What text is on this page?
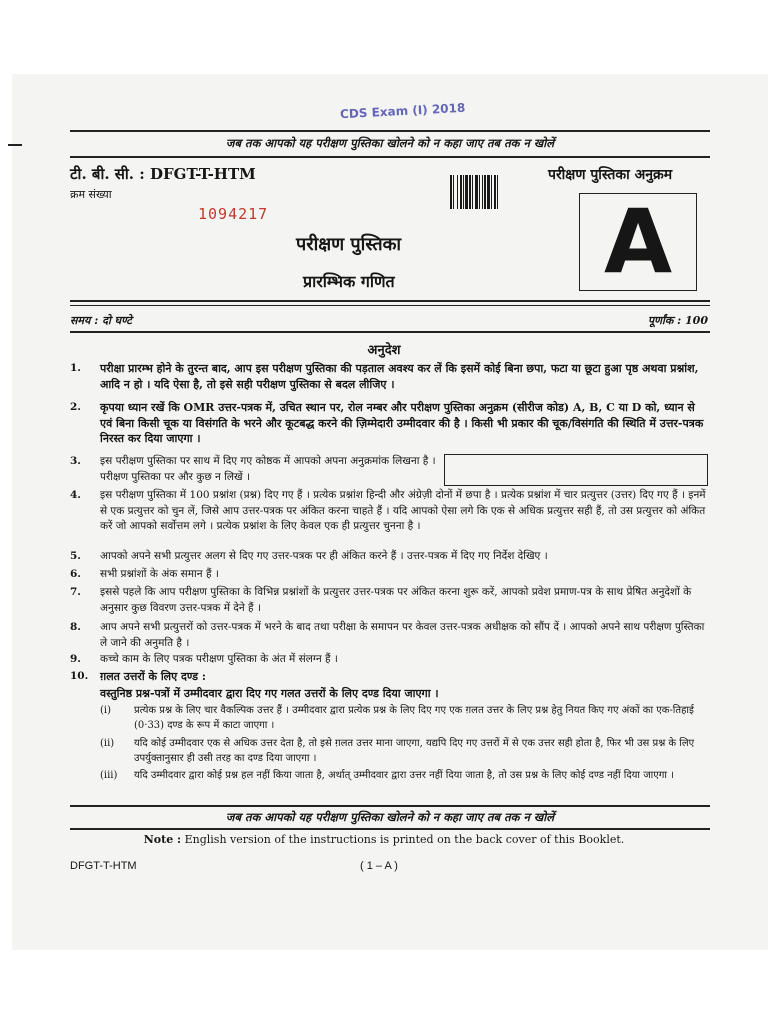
CDS Exam (I) 2018
जब तक आपको यह परीक्षण पुस्तिका खोलने को न कहा जाए तब तक न खोलें
टी. बी. सी. : DFGT-T-HTM
क्रम संख्या
1094217
परीक्षण पुस्तिका अनुक्रम
A
परीक्षण पुस्तिका
प्रारम्भिक गणित
समय : दो घण्टे	पूर्णांक : 100
अनुदेश
1.	परीक्षा प्रारम्भ होने के तुरन्त बाद, आप इस परीक्षण पुस्तिका की पड़ताल अवश्य कर लें कि इसमें कोई बिना छपा, फटा या छूटा हुआ पृष्ठ अथवा प्रश्नांश, आदि न हो । यदि ऐसा है, तो इसे सही परीक्षण पुस्तिका से बदल लीजिए ।
2.	कृपया ध्यान रखें कि OMR उत्तर-पत्रक में, उचित स्थान पर, रोल नम्बर और परीक्षण पुस्तिका अनुक्रम (सीरीज कोड) A, B, C या D को, ध्यान से एवं बिना किसी चूक या विसंगति के भरने और कूटबद्ध करने की ज़िम्मेदारी उम्मीदवार की है । किसी भी प्रकार की चूक/विसंगति की स्थिति में उत्तर-पत्रक निरस्त कर दिया जाएगा ।
3.	इस परीक्षण पुस्तिका पर साथ में दिए गए कोष्ठक में आपको अपना अनुक्रमांक लिखना है । परीक्षण पुस्तिका पर और कुछ न लिखें ।
4.	इस परीक्षण पुस्तिका में 100 प्रश्नांश (प्रश्न) दिए गए हैं । प्रत्येक प्रश्नांश हिन्दी और अंग्रेज़ी दोनों में छपा है । प्रत्येक प्रश्नांश में चार प्रत्युत्तर (उत्तर) दिए गए हैं । इनमें से एक प्रत्युत्तर को चुन लें, जिसे आप उत्तर-पत्रक पर अंकित करना चाहते हैं । यदि आपको ऐसा लगे कि एक से अधिक प्रत्युत्तर सही हैं, तो उस प्रत्युत्तर को अंकित करें जो आपको सर्वोत्तम लगे । प्रत्येक प्रश्नांश के लिए केवल एक ही प्रत्युत्तर चुनना है ।
5.	आपको अपने सभी प्रत्युत्तर अलग से दिए गए उत्तर-पत्रक पर ही अंकित करने हैं । उत्तर-पत्रक में दिए गए निर्देश देखिए ।
6.	सभी प्रश्नांशों के अंक समान हैं ।
7.	इससे पहले कि आप परीक्षण पुस्तिका के विभिन्न प्रश्नांशों के प्रत्युत्तर उत्तर-पत्रक पर अंकित करना शुरू करें, आपको प्रवेश प्रमाण-पत्र के साथ प्रेषित अनुदेशों के अनुसार कुछ विवरण उत्तर-पत्रक में देने हैं ।
8.	आप अपने सभी प्रत्युत्तरों को उत्तर-पत्रक में भरने के बाद तथा परीक्षा के समापन पर केवल उत्तर-पत्रक अधीक्षक को सौंप दें । आपको अपने साथ परीक्षण पुस्तिका ले जाने की अनुमति है ।
9.	कच्चे काम के लिए पत्रक परीक्षण पुस्तिका के अंत में संलग्न हैं ।
10.	ग़लत उत्तरों के लिए दण्ड :
वस्तुनिष्ठ प्रश्न-पत्रों में उम्मीदवार द्वारा दिए गए गलत उत्तरों के लिए दण्ड दिया जाएगा ।
(i)	प्रत्येक प्रश्न के लिए चार वैकल्पिक उत्तर हैं । उम्मीदवार द्वारा प्रत्येक प्रश्न के लिए दिए गए एक ग़लत उत्तर के लिए प्रश्न हेतु नियत किए गए अंकों का एक-तिहाई (0·33) दण्ड के रूप में काटा जाएगा ।
(ii)	यदि कोई उम्मीदवार एक से अधिक उत्तर देता है, तो इसे ग़लत उत्तर माना जाएगा, यद्यपि दिए गए उत्तरों में से एक उत्तर सही होता है, फिर भी उस प्रश्न के लिए उपर्युक्तानुसार ही उसी तरह का दण्ड दिया जाएगा ।
(iii)	यदि उम्मीदवार द्वारा कोई प्रश्न हल नहीं किया जाता है, अर्थात् उम्मीदवार द्वारा उत्तर नहीं दिया जाता है, तो उस प्रश्न के लिए कोई दण्ड नहीं दिया जाएगा ।
जब तक आपको यह परीक्षण पुस्तिका खोलने को न कहा जाए तब तक न खोलें
Note : English version of the instructions is printed on the back cover of this Booklet.
DFGT-T-HTM	( 1 – A )
